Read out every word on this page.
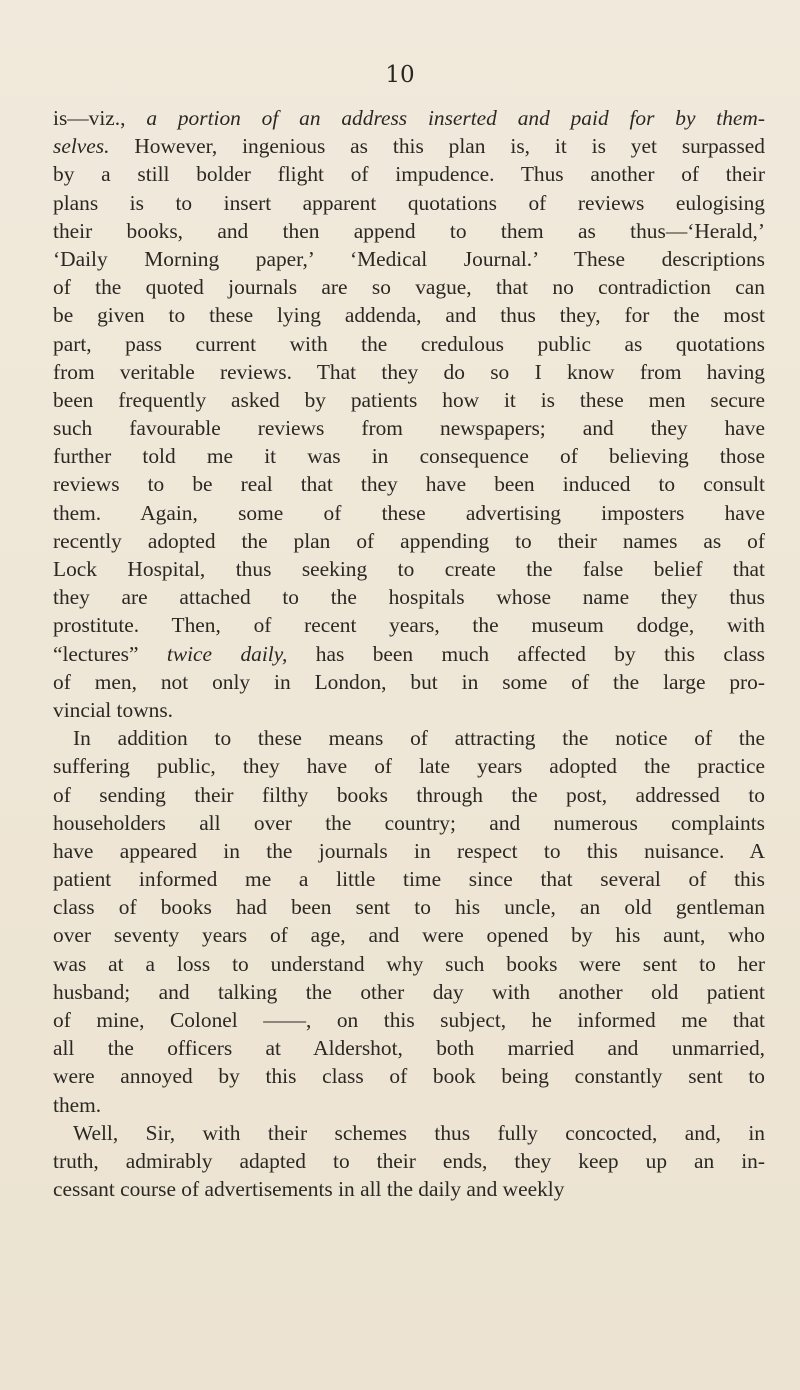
10
is—viz., a portion of an address inserted and paid for by them-
selves. However, ingenious as this plan is, it is yet surpassed
by a still bolder flight of impudence. Thus another of their
plans is to insert apparent quotations of reviews eulogising
their books, and then append to them as thus—‘Herald,’
‘Daily Morning paper,’ ‘Medical Journal.’ These descriptions
of the quoted journals are so vague, that no contradiction can
be given to these lying addenda, and thus they, for the most
part, pass current with the credulous public as quotations
from veritable reviews. That they do so I know from having
been frequently asked by patients how it is these men secure
such favourable reviews from newspapers; and they have
further told me it was in consequence of believing those
reviews to be real that they have been induced to consult
them. Again, some of these advertising imposters have
recently adopted the plan of appending to their names as of
Lock Hospital, thus seeking to create the false belief that
they are attached to the hospitals whose name they thus
prostitute. Then, of recent years, the museum dodge, with
“lectures” twice daily, has been much affected by this class
of men, not only in London, but in some of the large pro-
vincial towns.
In addition to these means of attracting the notice of the
suffering public, they have of late years adopted the practice
of sending their filthy books through the post, addressed to
householders all over the country; and numerous complaints
have appeared in the journals in respect to this nuisance. A
patient informed me a little time since that several of this
class of books had been sent to his uncle, an old gentleman
over seventy years of age, and were opened by his aunt, who
was at a loss to understand why such books were sent to her
husband; and talking the other day with another old patient
of mine, Colonel ——, on this subject, he informed me that
all the officers at Aldershot, both married and unmarried,
were annoyed by this class of book being constantly sent to
them.
Well, Sir, with their schemes thus fully concocted, and, in
truth, admirably adapted to their ends, they keep up an in-
cessant course of advertisements in all the daily and weekly
